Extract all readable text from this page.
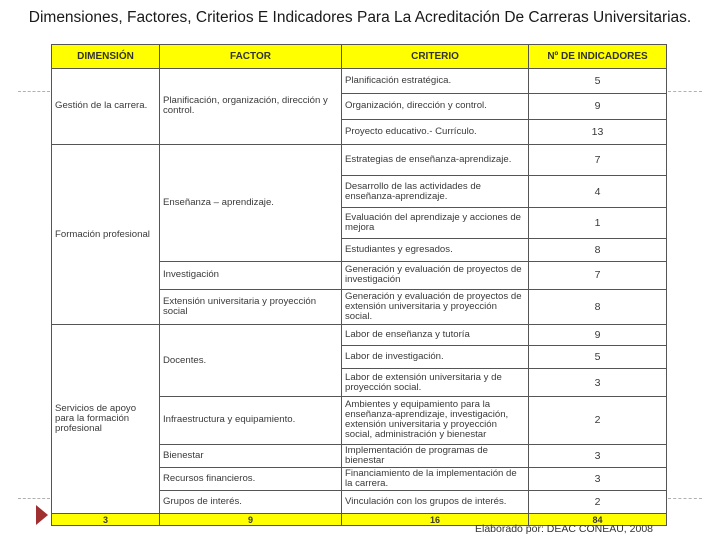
Dimensiones, Factores, Criterios E Indicadores Para La Acreditación De Carreras Universitarias.
DIMENSIÓN	FACTOR	CRITERIO	Nº DE INDICADORES
Gestión de la carrera.	Planificación, organización, dirección y control.	Planificación estratégica.	5
		Organización, dirección y control.	9
		Proyecto educativo.- Currículo.	13
Formación profesional	Enseñanza – aprendizaje.	Estrategias de enseñanza-aprendizaje.	7
		Desarrollo de las actividades de enseñanza-aprendizaje.	4
		Evaluación del aprendizaje y acciones de mejora	1
		Estudiantes y egresados.	8
	Investigación	Generación y evaluación de proyectos de investigación	7
	Extensión universitaria y proyección social	Generación y evaluación de proyectos de extensión universitaria y proyección social.	8
Servicios de apoyo para la formación profesional	Docentes.	Labor de enseñanza y tutoría	9
		Labor de investigación.	5
		Labor de extensión universitaria y de proyección social.	3
	Infraestructura y equipamiento.	Ambientes y equipamiento para la enseñanza-aprendizaje, investigación, extensión universitaria y proyección social, administración y bienestar	2
	Bienestar	Implementación de programas de bienestar	3
	Recursos financieros.	Financiamiento de la implementación de la carrera.	3
	Grupos de interés.	Vinculación con los grupos de interés.	2
3	9	16	84
Elaborado por: DEAC CONEAU, 2008
